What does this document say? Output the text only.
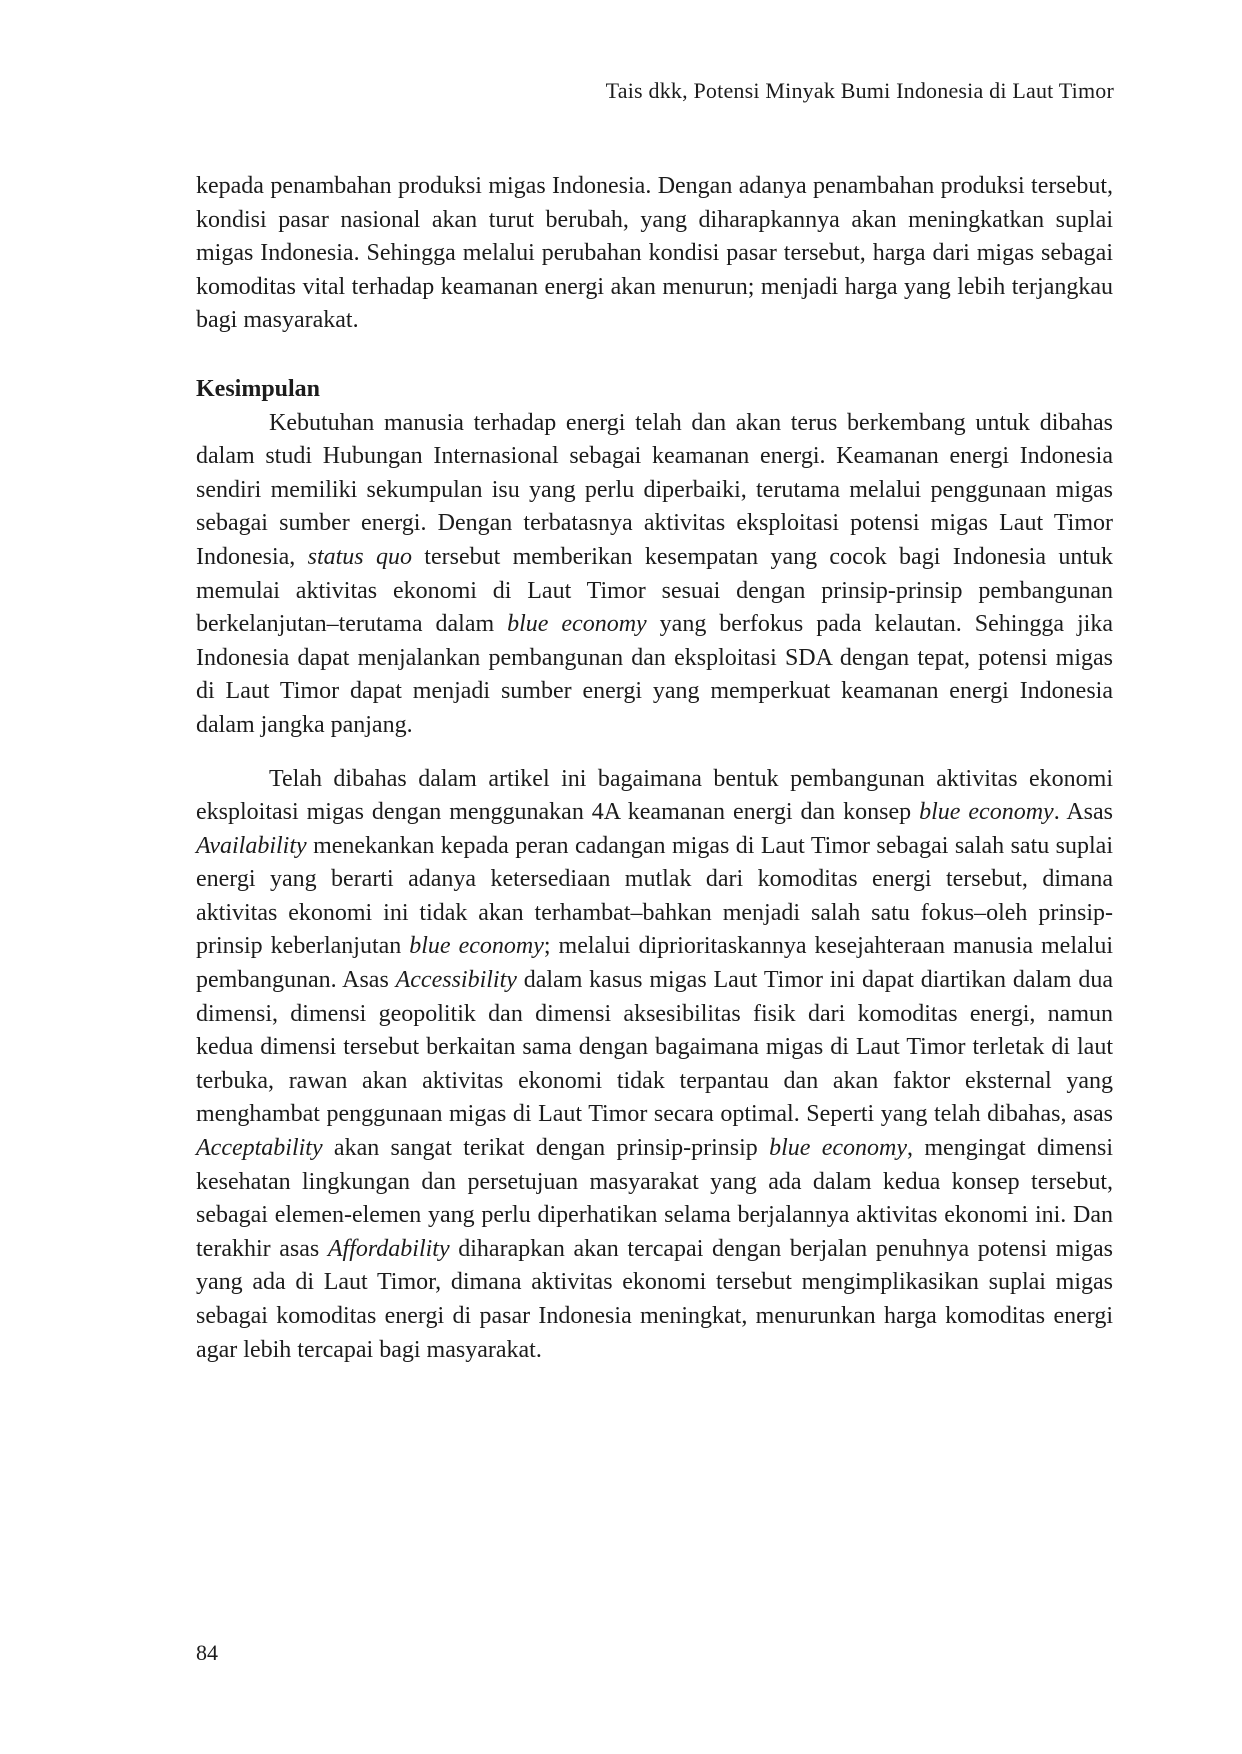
Tais dkk, Potensi Minyak Bumi Indonesia di Laut Timor

kepada penambahan produksi migas Indonesia. Dengan adanya penambahan produksi tersebut, kondisi pasar nasional akan turut berubah, yang diharapkannya akan meningkatkan suplai migas Indonesia. Sehingga melalui perubahan kondisi pasar tersebut, harga dari migas sebagai komoditas vital terhadap keamanan energi akan menurun; menjadi harga yang lebih terjangkau bagi masyarakat.

Kesimpulan

Kebutuhan manusia terhadap energi telah dan akan terus berkembang untuk dibahas dalam studi Hubungan Internasional sebagai keamanan energi. Keamanan energi Indonesia sendiri memiliki sekumpulan isu yang perlu diperbaiki, terutama melalui penggunaan migas sebagai sumber energi. Dengan terbatasnya aktivitas eksploitasi potensi migas Laut Timor Indonesia, status quo tersebut memberikan kesempatan yang cocok bagi Indonesia untuk memulai aktivitas ekonomi di Laut Timor sesuai dengan prinsip-prinsip pembangunan berkelanjutan–terutama dalam blue economy yang berfokus pada kelautan. Sehingga jika Indonesia dapat menjalankan pembangunan dan eksploitasi SDA dengan tepat, potensi migas di Laut Timor dapat menjadi sumber energi yang memperkuat keamanan energi Indonesia dalam jangka panjang.

Telah dibahas dalam artikel ini bagaimana bentuk pembangunan aktivitas ekonomi eksploitasi migas dengan menggunakan 4A keamanan energi dan konsep blue economy. Asas Availability menekankan kepada peran cadangan migas di Laut Timor sebagai salah satu suplai energi yang berarti adanya ketersediaan mutlak dari komoditas energi tersebut, dimana aktivitas ekonomi ini tidak akan terhambat–bahkan menjadi salah satu fokus–oleh prinsip-prinsip keberlanjutan blue economy; melalui diprioritaskannya kesejahteraan manusia melalui pembangunan. Asas Accessibility dalam kasus migas Laut Timor ini dapat diartikan dalam dua dimensi, dimensi geopolitik dan dimensi aksesibilitas fisik dari komoditas energi, namun kedua dimensi tersebut berkaitan sama dengan bagaimana migas di Laut Timor terletak di laut terbuka, rawan akan aktivitas ekonomi tidak terpantau dan akan faktor eksternal yang menghambat penggunaan migas di Laut Timor secara optimal. Seperti yang telah dibahas, asas Acceptability akan sangat terikat dengan prinsip-prinsip blue economy, mengingat dimensi kesehatan lingkungan dan persetujuan masyarakat yang ada dalam kedua konsep tersebut, sebagai elemen-elemen yang perlu diperhatikan selama berjalannya aktivitas ekonomi ini. Dan terakhir asas Affordability diharapkan akan tercapai dengan berjalan penuhnya potensi migas yang ada di Laut Timor, dimana aktivitas ekonomi tersebut mengimplikasikan suplai migas sebagai komoditas energi di pasar Indonesia meningkat, menurunkan harga komoditas energi agar lebih tercapai bagi masyarakat.

84
